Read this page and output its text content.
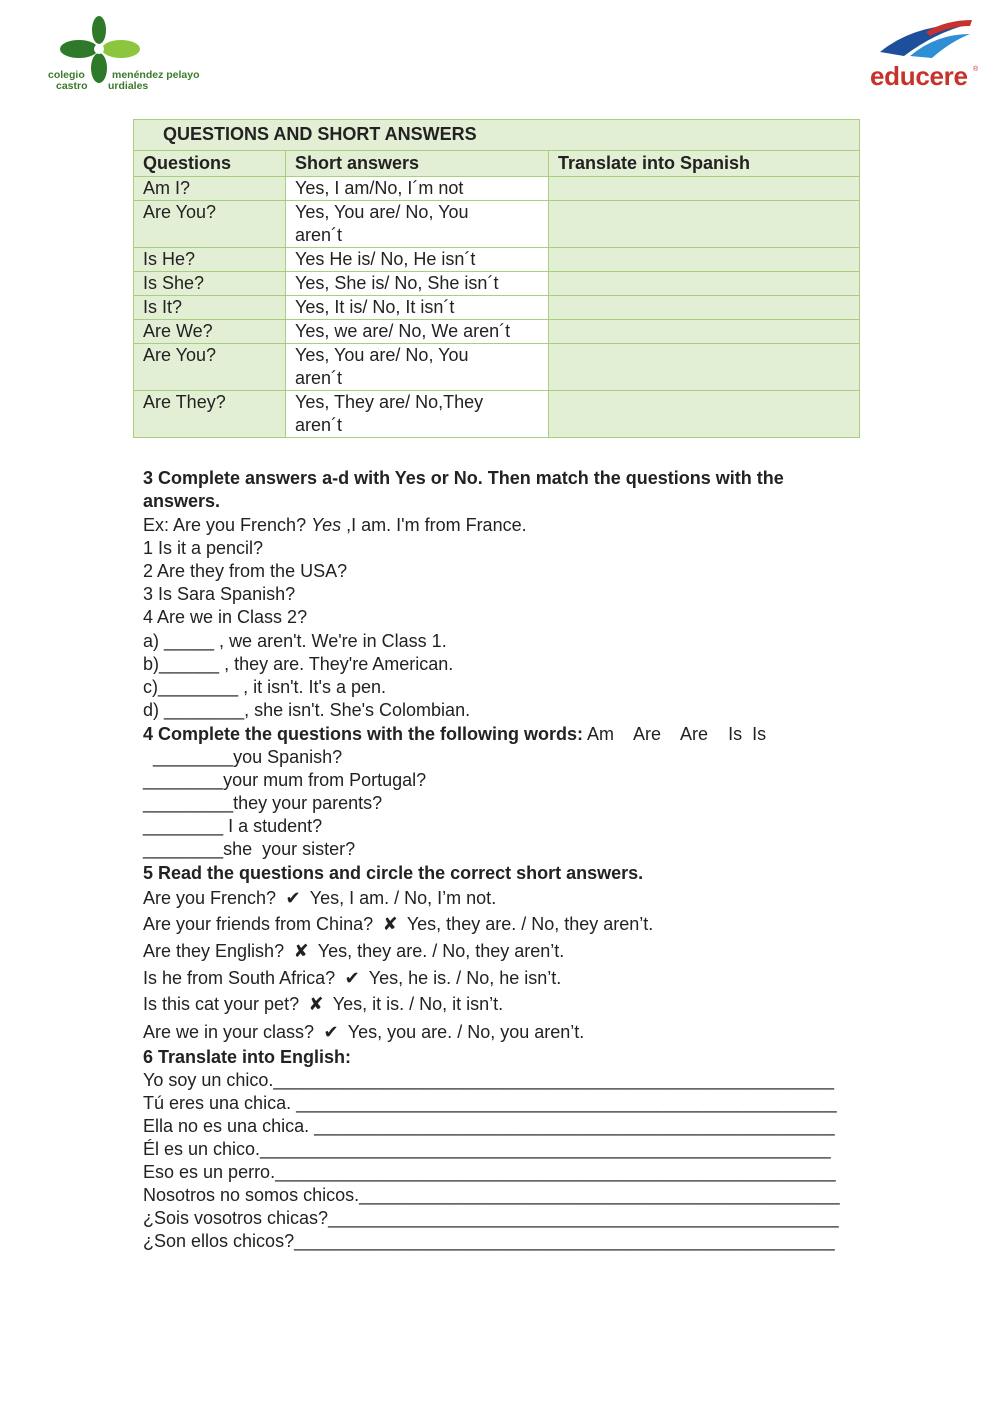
colegio	menéndez pelayo
castro urdiales	educere ®
QUESTIONS AND SHORT ANSWERS		
Questions	Short answers	Translate into Spanish
Am I?	Yes, I am/No, I´m not	
Are You?	Yes, You are/ No, You
aren´t	
Is He?	Yes He is/ No, He isn´t	
Is She?	Yes, She is/ No, She isn´t	
Is It?	Yes, It is/ No, It isn´t	
Are We?	Yes, we are/ No, We aren´t	
Are You?	Yes, You are/ No, You
aren´t	
Are They?	Yes, They are/ No,They
aren´t	
3 Complete answers a-d with Yes or No. Then match the questions with the answers.
Ex: Are you French? Yes ,I am. I'm from France.
1 Is it a pencil?
2 Are they from the USA?
3 Is Sara Spanish?
4 Are we in Class 2?
a) _____ , we aren't. We're in Class 1.
b)______ , they are. They're American.
c)________ , it isn't. It's a pen.
d) ________, she isn't. She's Colombian.
4 Complete the questions with the following words: Am    Are    Are    Is  Is
________you Spanish?
________your mum from Portugal?
_________they your parents?
________ I a student?
________she  your sister?
5 Read the questions and circle the correct short answers.
Are you French? ✔ Yes, I am. / No, I’m not.
Are your friends from China? ✘ Yes, they are. / No, they aren’t.
Are they English? ✘ Yes, they are. / No, they aren’t.
Is he from South Africa? ✔ Yes, he is. / No, he isn’t.
Is this cat your pet? ✘ Yes, it is. / No, it isn’t.
Are we in your class? ✔ Yes, you are. / No, you aren’t.
6 Translate into English:
Yo soy un chico.________________________________________________________
Tú eres una chica. ______________________________________________________
Ella no es una chica. ____________________________________________________
Él es un chico._________________________________________________________
Eso es un perro.________________________________________________________
Nosotros no somos chicos.________________________________________________
¿Sois vosotros chicas?___________________________________________________
¿Son ellos chicos?______________________________________________________
